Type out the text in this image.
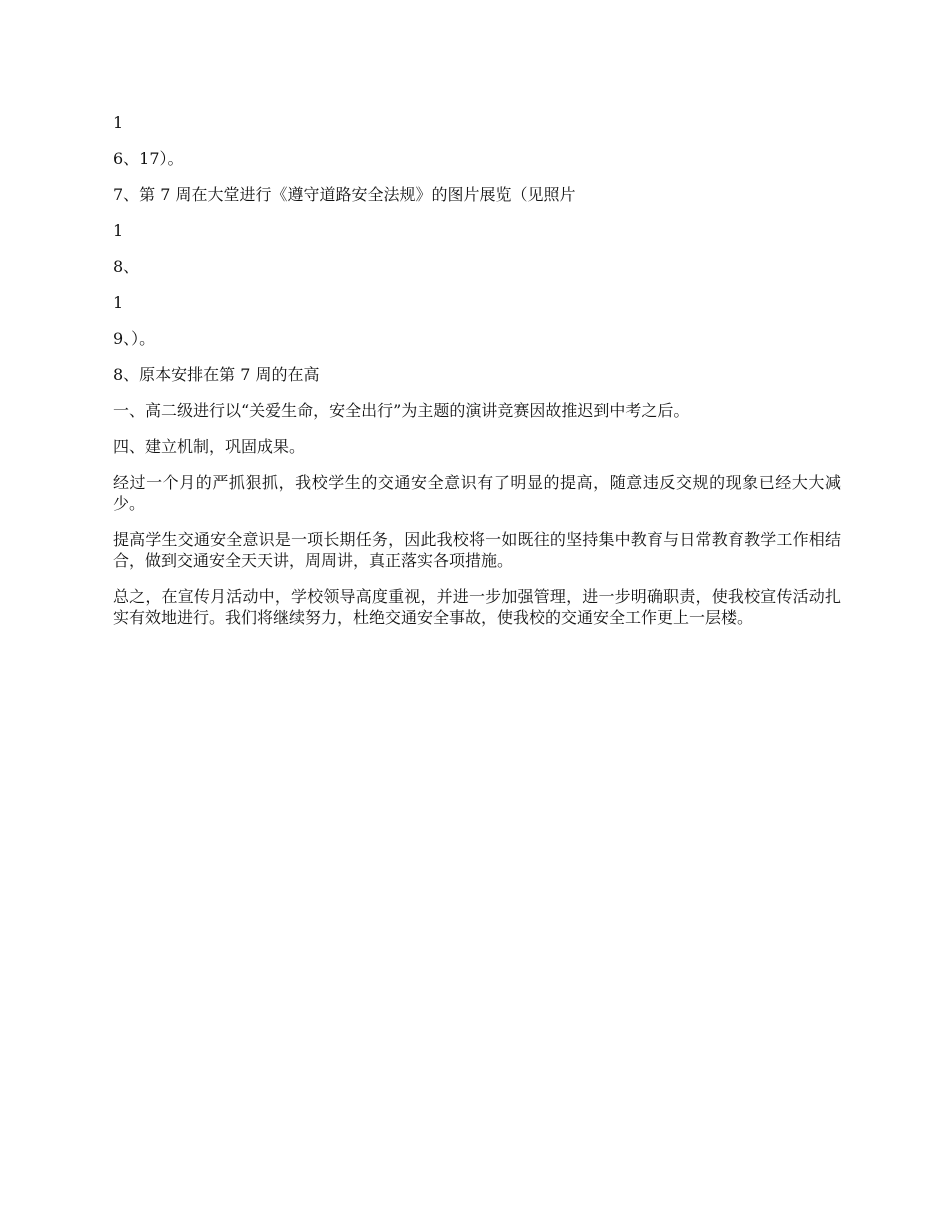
1

6、17）。

7、第 7 周在大堂进行《遵守道路安全法规》的图片展览（见照片

1

8、

1

9、）。

8、原本安排在第 7 周的在高

一、高二级进行以“关爱生命，安全出行”为主题的演讲竞赛因故推迟到中考之后。

四、建立机制，巩固成果。

经过一个月的严抓狠抓，我校学生的交通安全意识有了明显的提高，随意违反交规的现象已经大大减少。

提高学生交通安全意识是一项长期任务，因此我校将一如既往的坚持集中教育与日常教育教学工作相结合，做到交通安全天天讲，周周讲，真正落实各项措施。

总之，在宣传月活动中，学校领导高度重视，并进一步加强管理，进一步明确职责，使我校宣传活动扎实有效地进行。我们将继续努力，杜绝交通安全事故，使我校的交通安全工作更上一层楼。
